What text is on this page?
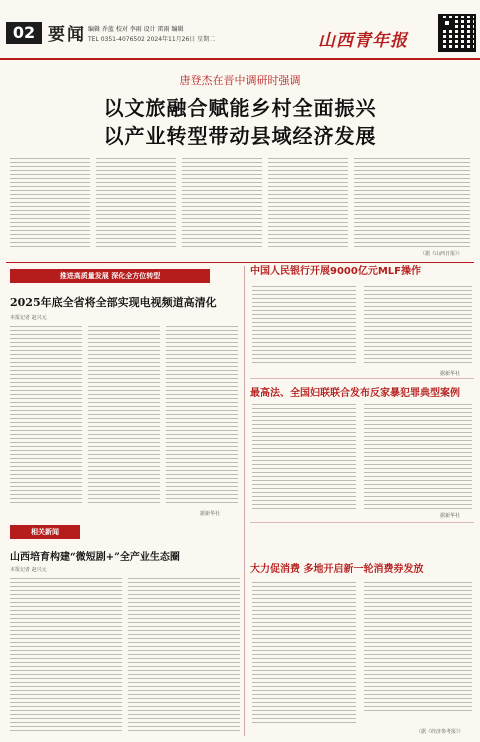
02 要闻 编辑 乔蓝 校对 李雨 设计 雷雨 编辑
TEL 0351-4076502 2024年11月26日 星期二	山西青年报
唐登杰在晋中调研时强调
以文旅融合赋能乡村全面振兴
以产业转型带动县域经济发展
（据《山西日报》）
推进高质量发展 深化全方位转型
2025年底全省将全部实现电视频道高清化
本报记者 赵兴元
据新华社
中国人民银行开展9000亿元MLF操作
据新华社
最高法、全国妇联联合发布反家暴犯罪典型案例
据新华社
相关新闻
山西培育构建“微短剧+”全产业生态圈
本报记者 赵兴元	大力促消费 多地开启新一轮消费券发放
（据《经济参考报》）
